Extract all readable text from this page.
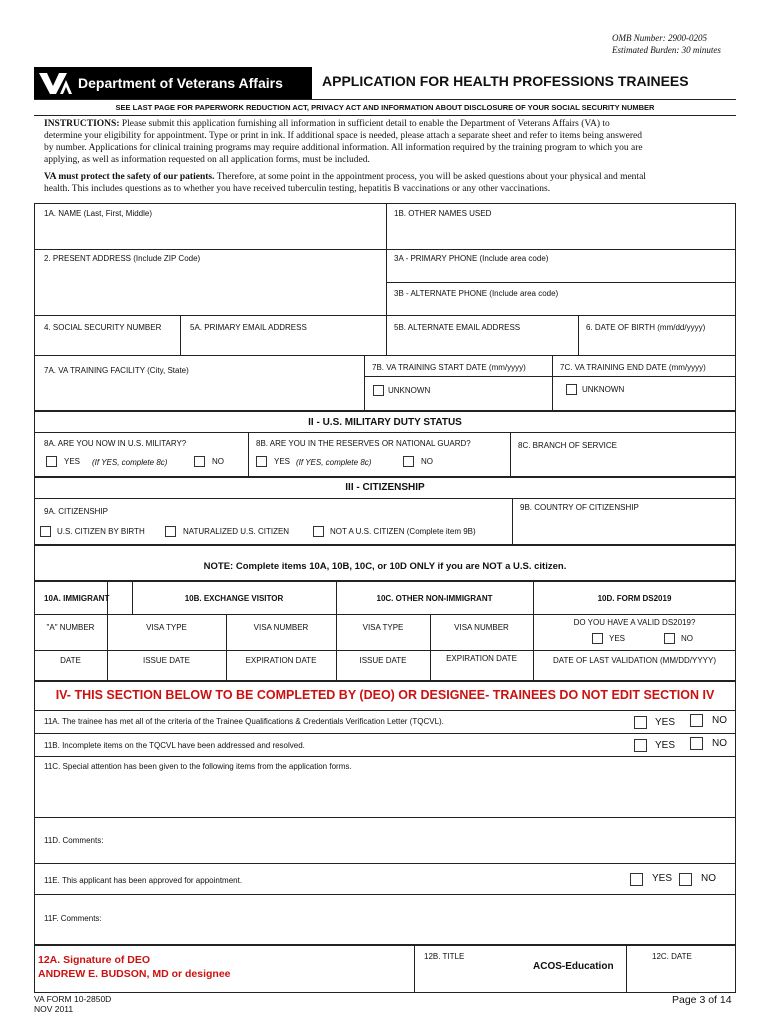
OMB Number: 2900-0205
Estimated Burden: 30 minutes
Department of Veterans Affairs	APPLICATION FOR HEALTH PROFESSIONS TRAINEES
SEE LAST PAGE FOR PAPERWORK REDUCTION ACT, PRIVACY ACT AND INFORMATION ABOUT DISCLOSURE OF YOUR SOCIAL SECURITY NUMBER
INSTRUCTIONS: Please submit this application furnishing all information in sufficient detail to enable the Department of Veterans Affairs (VA) to
determine your eligibility for appointment. Type or print in ink. If additional space is needed, please attach a separate sheet and refer to items being answered
by number. Applications for clinical training programs may require additional information. All information required by the training program to which you are
applying, as well as information requested on all application forms, must be included.
VA must protect the safety of our patients. Therefore, at some point in the appointment process, you will be asked questions about your physical and mental
health. This includes questions as to whether you have received tuberculin testing, hepatitis B vaccinations or any other vaccinations.
1A. NAME (Last, First, Middle)	1B. OTHER NAMES USED
2. PRESENT ADDRESS (Include ZIP Code)	3A - PRIMARY PHONE (Include area code)
3B - ALTERNATE PHONE (Include area code)
4. SOCIAL SECURITY NUMBER	5A. PRIMARY EMAIL ADDRESS	5B. ALTERNATE EMAIL ADDRESS	6. DATE OF BIRTH (mm/dd/yyyy)
7A. VA TRAINING FACILITY (City, State)	7B. VA TRAINING START DATE (mm/yyyy)	7C. VA TRAINING END DATE (mm/yyyy)
UNKNOWN	UNKNOWN
II - U.S. MILITARY DUTY STATUS
8A. ARE YOU NOW IN U.S. MILITARY?
YES (If YES, complete 8c)	NO
8B. ARE YOU IN THE RESERVES OR NATIONAL GUARD?
YES (If YES, complete 8c)	NO
8C. BRANCH OF SERVICE
III - CITIZENSHIP
9A. CITIZENSHIP	9B. COUNTRY OF CITIZENSHIP
U.S. CITIZEN BY BIRTH	NATURALIZED U.S. CITIZEN	NOT A U.S. CITIZEN (Complete item 9B)
NOTE: Complete items 10A, 10B, 10C, or 10D ONLY if you are NOT a U.S. citizen.
10A. IMMIGRANT	10B. EXCHANGE VISITOR	10C. OTHER NON-IMMIGRANT	10D. FORM DS2019
"A" NUMBER	VISA TYPE	VISA NUMBER	VISA TYPE	VISA NUMBER
DO YOU HAVE A VALID DS2019?
YES	NO
DATE	ISSUE DATE	EXPIRATION DATE	ISSUE DATE	EXPIRATION DATE	DATE OF LAST VALIDATION (MM/DD/YYYY)
IV- THIS SECTION BELOW TO BE COMPLETED BY (DEO) OR DESIGNEE- TRAINEES DO NOT EDIT SECTION IV
11A. The trainee has met all of the criteria of the Trainee Qualifications & Credentials Verification Letter (TQCVL).	YES	NO
11B. Incomplete items on the TQCVL have been addressed and resolved.	YES	NO
11C. Special attention has been given to the following items from the application forms.
11D. Comments:
11E. This applicant has been approved for appointment.	YES	NO
11F. Comments:
12A. Signature of DEO
ANDREW E. BUDSON, MD or designee
12B. TITLE
ACOS-Education
12C. DATE
VA FORM 10-2850D
NOV 2011
Page 3 of 14
